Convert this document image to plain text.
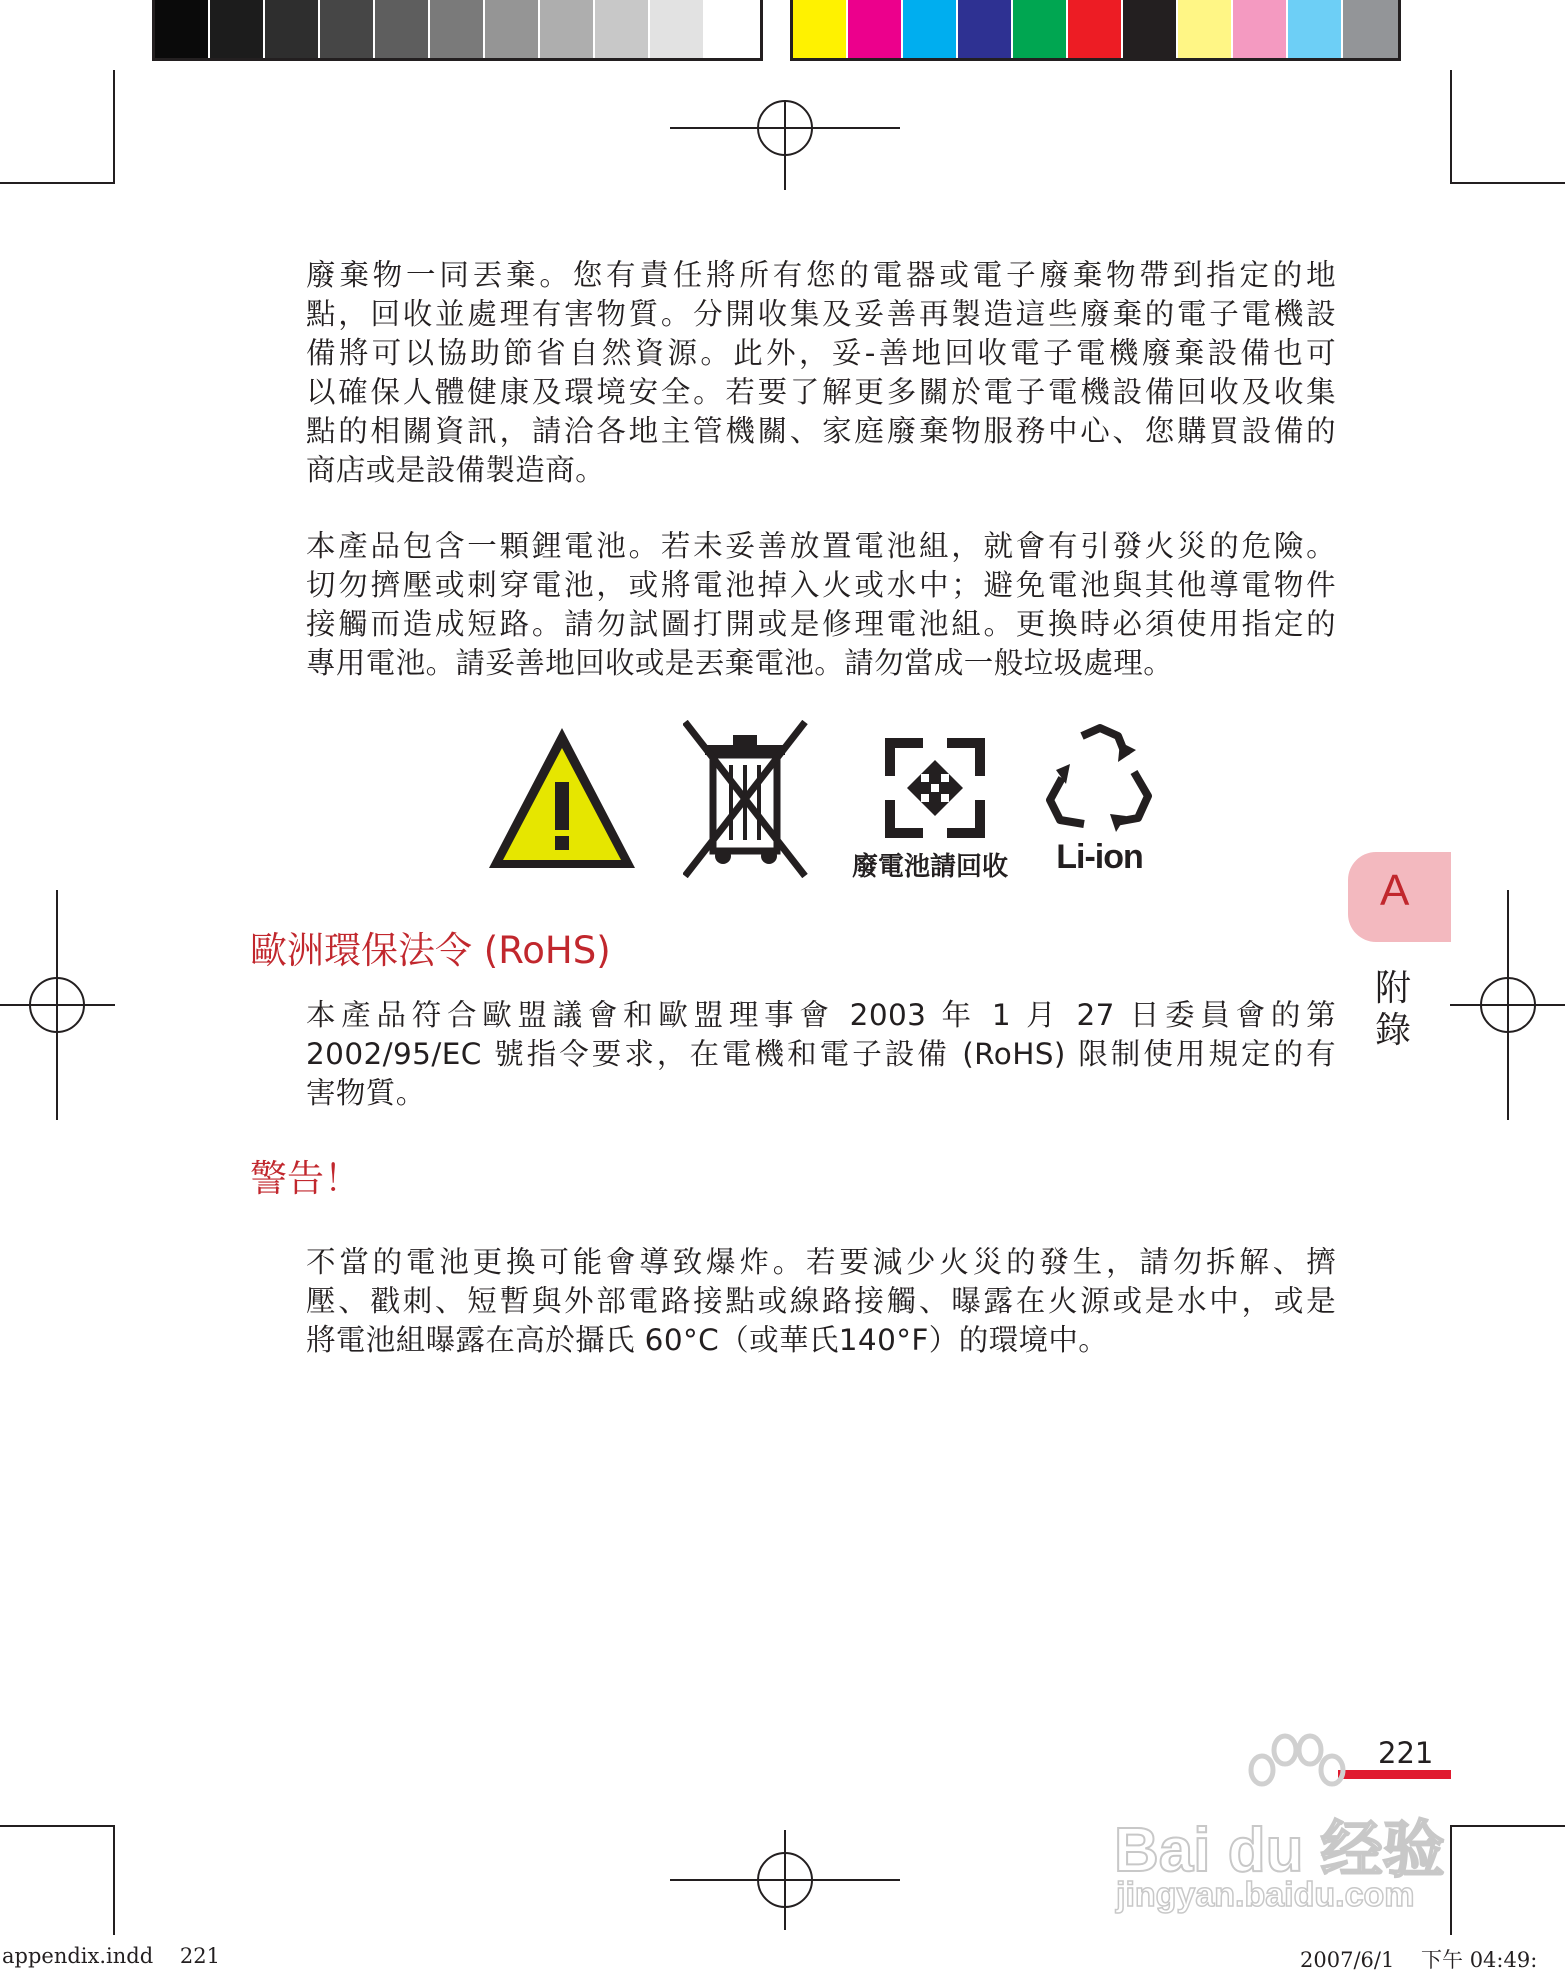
廢棄物一同丟棄。您有責任將所有您的電器或電子廢棄物帶到指定的地
點，回收並處理有害物質。分開收集及妥善再製造這些廢棄的電子電機設
備將可以協助節省自然資源。此外，妥-善地回收電子電機廢棄設備也可
以確保人體健康及環境安全。若要了解更多關於電子電機設備回收及收集
點的相關資訊，請洽各地主管機關、家庭廢棄物服務中心、您購買設備的
商店或是設備製造商。
本產品包含一顆鋰電池。若未妥善放置電池組，就會有引發火災的危險。
切勿擠壓或刺穿電池，或將電池掉入火或水中；避免電池與其他導電物件
接觸而造成短路。請勿試圖打開或是修理電池組。更換時必須使用指定的
專用電池。請妥善地回收或是丟棄電池。請勿當成一般垃圾處理。
廢電池請回收	Li-ion
歐洲環保法令 (RoHS)
本產品符合歐盟議會和歐盟理事會 2003 年 1 月 27 日委員會的第
2002/95/EC 號指令要求，在電機和電子設備 (RoHS) 限制使用規定的有
害物質。
警告！
不當的電池更換可能會導致爆炸。若要減少火災的發生，請勿拆解、擠
壓、戳刺、短暫與外部電路接點或線路接觸、曝露在火源或是水中，或是
將電池組曝露在高於攝氏 60°C（或華氏140°F）的環境中。
A
附
錄
221
Bai du 经验
jingyan.baidu.com
appendix.indd    221	2007/6/1    下午 04:49:
